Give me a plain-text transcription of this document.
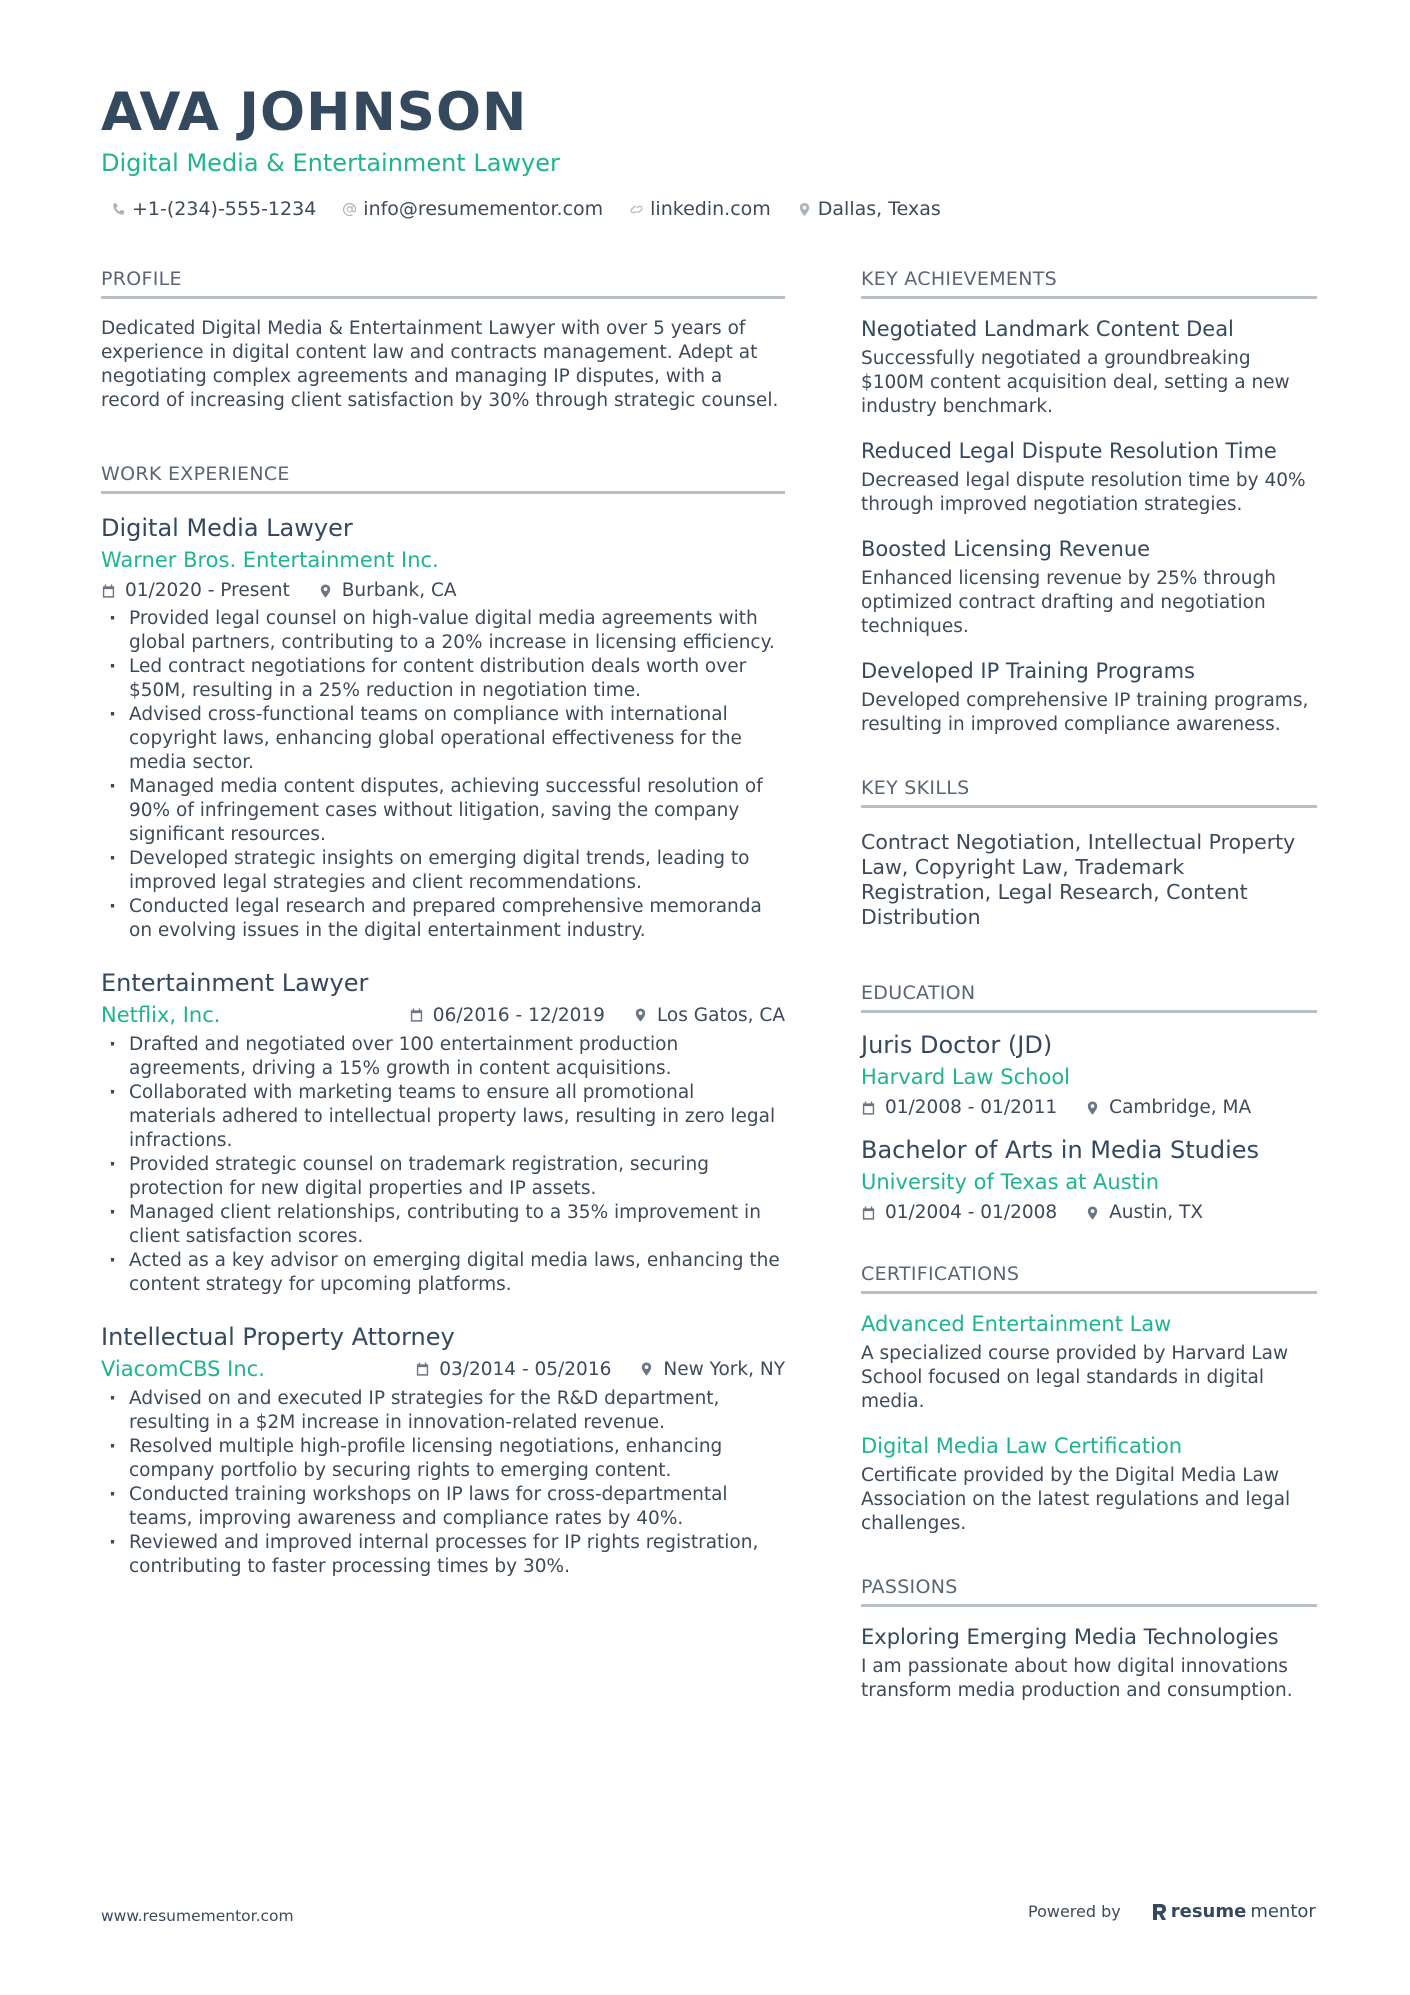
AVA JOHNSON
Digital Media & Entertainment Lawyer
+1-(234)-555-1234 info@resumementor.com linkedin.com Dallas, Texas
PROFILE
Dedicated Digital Media & Entertainment Lawyer with over 5 years of experience in digital content law and contracts management. Adept at negotiating complex agreements and managing IP disputes, with a record of increasing client satisfaction by 30% through strategic counsel.
WORK EXPERIENCE
Digital Media Lawyer
Warner Bros. Entertainment Inc.
01/2020 - Present	Burbank, CA
· Provided legal counsel on high-value digital media agreements with global partners, contributing to a 20% increase in licensing efficiency.
· Led contract negotiations for content distribution deals worth over $50M, resulting in a 25% reduction in negotiation time.
· Advised cross-functional teams on compliance with international copyright laws, enhancing global operational effectiveness for the media sector.
· Managed media content disputes, achieving successful resolution of 90% of infringement cases without litigation, saving the company significant resources.
· Developed strategic insights on emerging digital trends, leading to improved legal strategies and client recommendations.
· Conducted legal research and prepared comprehensive memoranda on evolving issues in the digital entertainment industry.
Entertainment Lawyer
Netflix, Inc.	06/2016 - 12/2019	Los Gatos, CA
· Drafted and negotiated over 100 entertainment production agreements, driving a 15% growth in content acquisitions.
· Collaborated with marketing teams to ensure all promotional materials adhered to intellectual property laws, resulting in zero legal infractions.
· Provided strategic counsel on trademark registration, securing protection for new digital properties and IP assets.
· Managed client relationships, contributing to a 35% improvement in client satisfaction scores.
· Acted as a key advisor on emerging digital media laws, enhancing the content strategy for upcoming platforms.
Intellectual Property Attorney
ViacomCBS Inc.	03/2014 - 05/2016	New York, NY
· Advised on and executed IP strategies for the R&D department, resulting in a $2M increase in innovation-related revenue.
· Resolved multiple high-profile licensing negotiations, enhancing company portfolio by securing rights to emerging content.
· Conducted training workshops on IP laws for cross-departmental teams, improving awareness and compliance rates by 40%.
· Reviewed and improved internal processes for IP rights registration, contributing to faster processing times by 30%.
KEY ACHIEVEMENTS
Negotiated Landmark Content Deal
Successfully negotiated a groundbreaking $100M content acquisition deal, setting a new industry benchmark.
Reduced Legal Dispute Resolution Time
Decreased legal dispute resolution time by 40% through improved negotiation strategies.
Boosted Licensing Revenue
Enhanced licensing revenue by 25% through optimized contract drafting and negotiation techniques.
Developed IP Training Programs
Developed comprehensive IP training programs, resulting in improved compliance awareness.
KEY SKILLS
Contract Negotiation, Intellectual Property Law, Copyright Law, Trademark Registration, Legal Research, Content Distribution
EDUCATION
Juris Doctor (JD)
Harvard Law School
01/2008 - 01/2011	Cambridge, MA
Bachelor of Arts in Media Studies
University of Texas at Austin
01/2004 - 01/2008	Austin, TX
CERTIFICATIONS
Advanced Entertainment Law
A specialized course provided by Harvard Law School focused on legal standards in digital media.
Digital Media Law Certification
Certificate provided by the Digital Media Law Association on the latest regulations and legal challenges.
PASSIONS
Exploring Emerging Media Technologies
I am passionate about how digital innovations transform media production and consumption.
www.resumementor.com	Powered by	resume mentor
